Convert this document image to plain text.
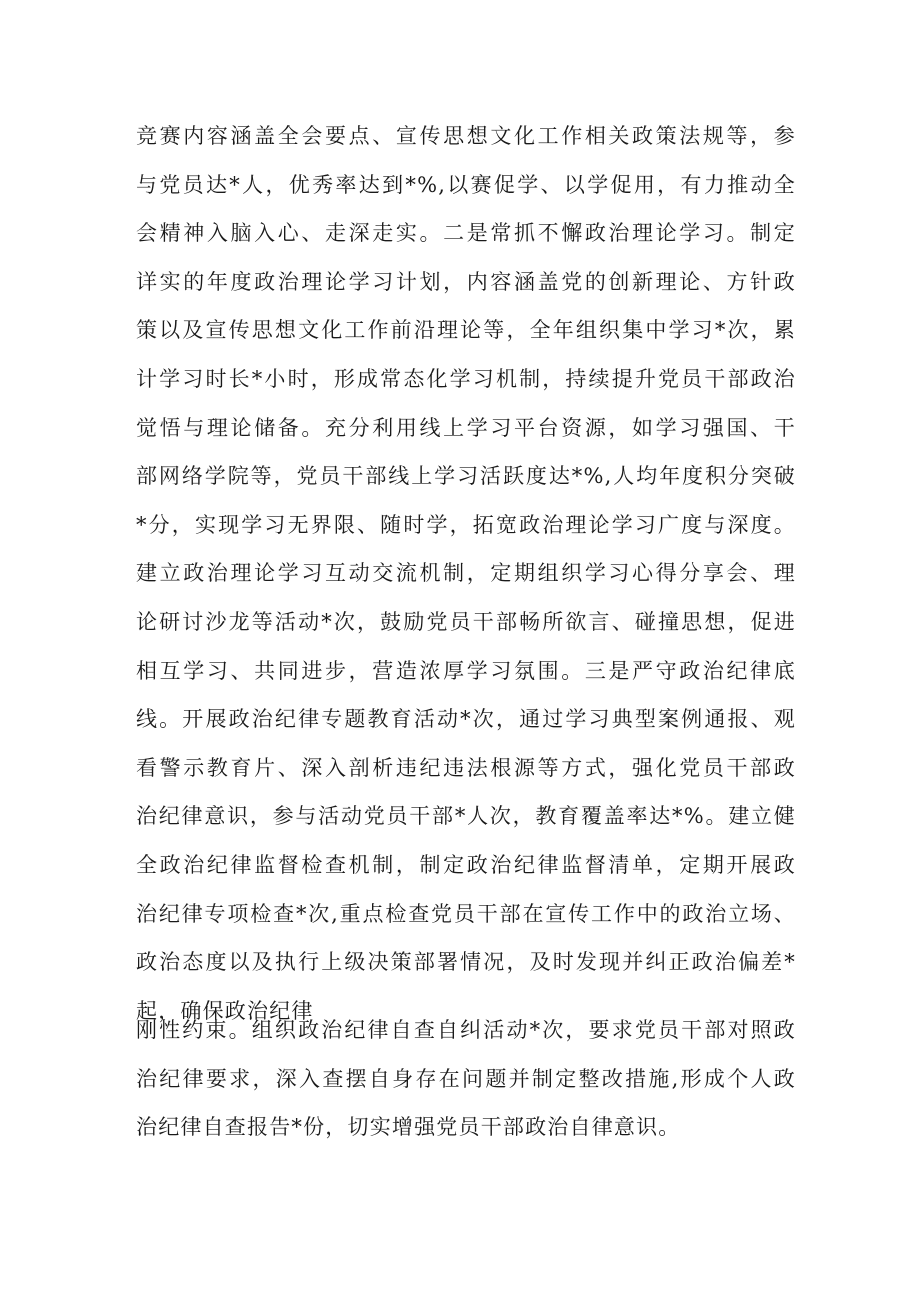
竞赛内容涵盖全会要点、宣传思想文化工作相关政策法规等，参
与党员达*人，优秀率达到*%,以赛促学、以学促用，有力推动全
会精神入脑入心、走深走实。二是常抓不懈政治理论学习。制定
详实的年度政治理论学习计划，内容涵盖党的创新理论、方针政
策以及宣传思想文化工作前沿理论等，全年组织集中学习*次，累
计学习时长*小时，形成常态化学习机制，持续提升党员干部政治
觉悟与理论储备。充分利用线上学习平台资源，如学习强国、干
部网络学院等，党员干部线上学习活跃度达*%,人均年度积分突破
*分，实现学习无界限、随时学，拓宽政治理论学习广度与深度。
建立政治理论学习互动交流机制，定期组织学习心得分享会、理
论研讨沙龙等活动*次，鼓励党员干部畅所欲言、碰撞思想，促进
相互学习、共同进步，营造浓厚学习氛围。三是严守政治纪律底
线。开展政治纪律专题教育活动*次，通过学习典型案例通报、观
看警示教育片、深入剖析违纪违法根源等方式，强化党员干部政
治纪律意识，参与活动党员干部*人次，教育覆盖率达*%。建立健
全政治纪律监督检查机制，制定政治纪律监督清单，定期开展政
治纪律专项检查*次,重点检查党员干部在宣传工作中的政治立场、
政治态度以及执行上级决策部署情况，及时发现并纠正政治偏差*
起，确保政治纪律
刚性约束。组织政治纪律自查自纠活动*次，要求党员干部对照政
治纪律要求，深入查摆自身存在问题并制定整改措施,形成个人政
治纪律自查报告*份，切实增强党员干部政治自律意识。
